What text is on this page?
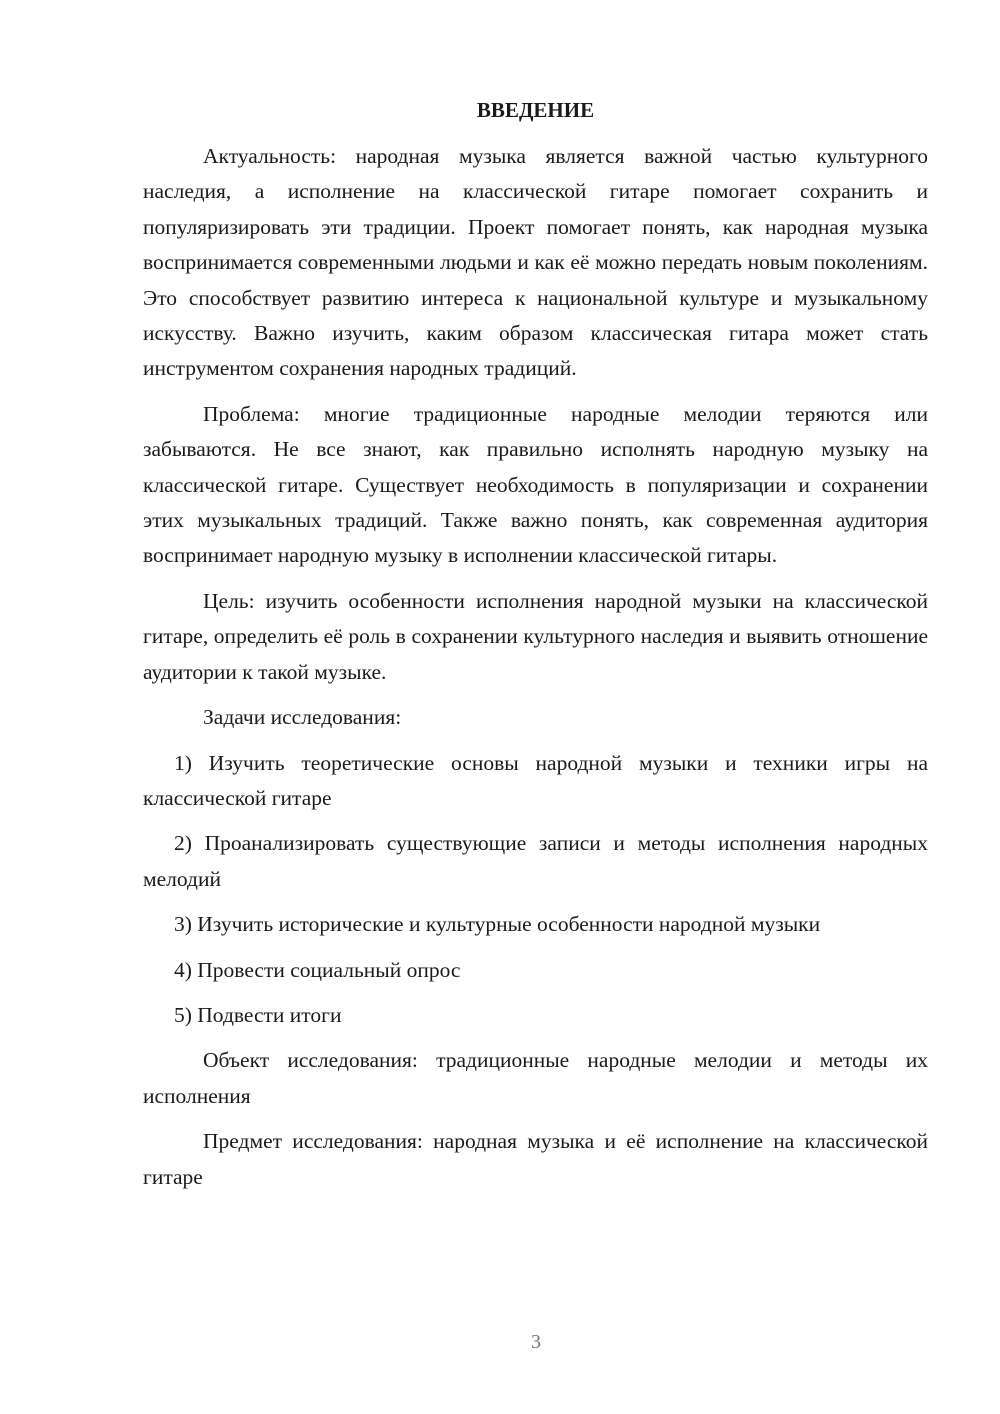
ВВЕДЕНИЕ

Актуальность: народная музыка является важной частью культурного наследия, а исполнение на классической гитаре помогает сохранить и популяризировать эти традиции. Проект помогает понять, как народная музыка воспринимается современными людьми и как её можно передать новым поколениям. Это способствует развитию интереса к национальной культуре и музыкальному искусству. Важно изучить, каким образом классическая гитара может стать инструментом сохранения народных традиций.

Проблема: многие традиционные народные мелодии теряются или забываются. Не все знают, как правильно исполнять народную музыку на классической гитаре. Существует необходимость в популяризации и сохранении этих музыкальных традиций. Также важно понять, как современная аудитория воспринимает народную музыку в исполнении классической гитары.

Цель: изучить особенности исполнения народной музыки на классической гитаре, определить её роль в сохранении культурного наследия и выявить отношение аудитории к такой музыке.

Задачи исследования:

1) Изучить теоретические основы народной музыки и техники игры на классической гитаре

2) Проанализировать существующие записи и методы исполнения народных мелодий

3) Изучить исторические и культурные особенности народной музыки

4) Провести социальный опрос

5) Подвести итоги

Объект исследования: традиционные народные мелодии и методы их исполнения

Предмет исследования: народная музыка и её исполнение на классической гитаре

3
